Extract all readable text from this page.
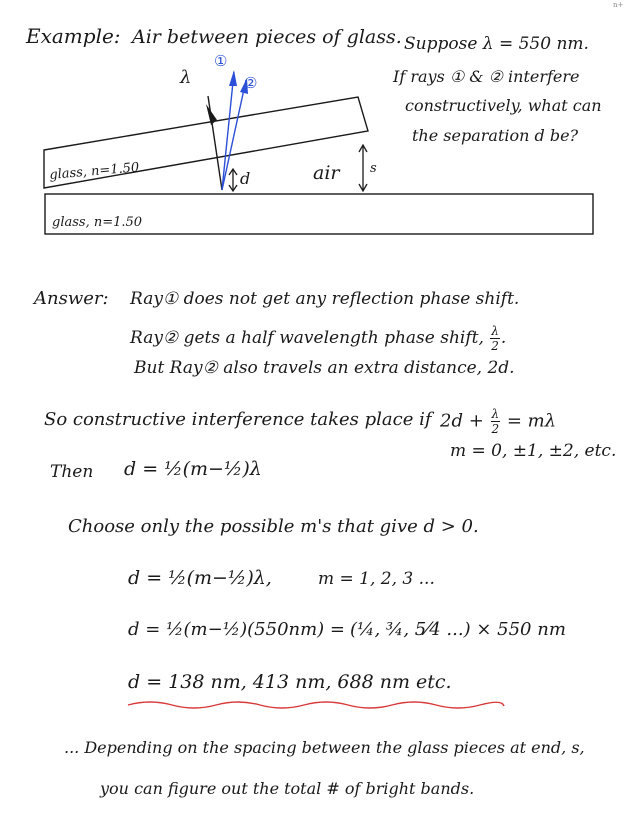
n+
Example: Air between pieces of glass. Suppose λ = 550 nm.
If rays ① & ② interfere
constructively, what can
the separation d be?
λ
①
②
glass, n=1.50
glass, n=1.50
d	air s
Answer: Ray① does not get any reflection phase shift.
Ray② gets a half wavelength phase shift, $\frac{\lambda}{2}$ .
But Ray② also travels an extra distance, 2d.
So constructive interference takes place if $2d + \frac{\lambda}{2} = m\lambda$
m = 0, ±1, ±2, etc.
Then d = ½(m−½)λ
Choose only the possible m's that give d > 0.
d = ½(m−½)λ,	m = 1, 2, 3 ...
d = ½(m−½)(550nm) = (¼, ¾, 5⁄4 ...) × 550 nm
d = 138 nm, 413 nm, 688 nm etc.
... Depending on the spacing between the glass pieces at end, s,
you can figure out the total # of bright bands.
